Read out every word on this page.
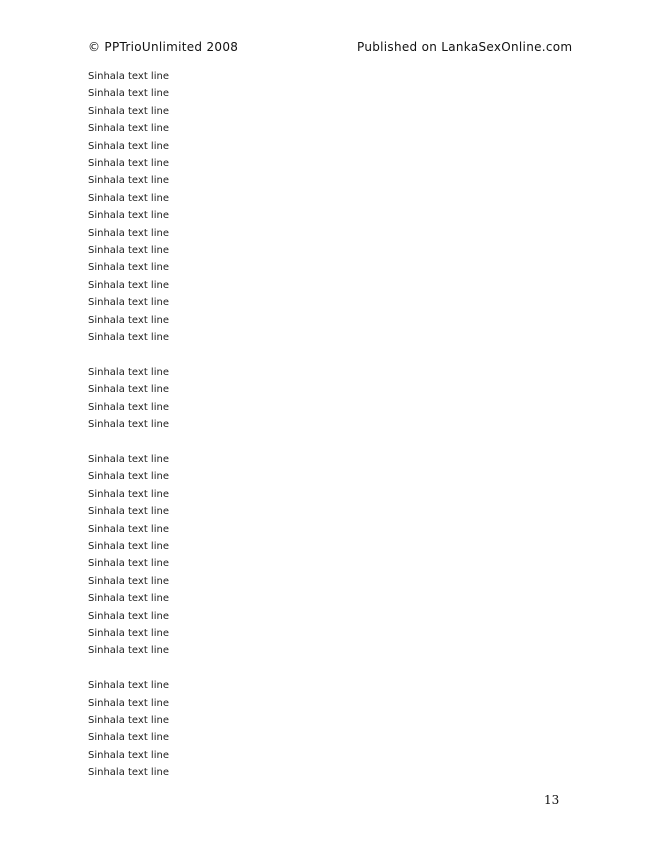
© PPTrioUnlimited 2008	Published on LankaSexOnline.com
Sinhala text line
Sinhala text line
Sinhala text line
Sinhala text line
Sinhala text line
Sinhala text line
Sinhala text line
Sinhala text line
Sinhala text line
Sinhala text line
Sinhala text line
Sinhala text line
Sinhala text line
Sinhala text line
Sinhala text line
Sinhala text line
Sinhala text line
Sinhala text line
Sinhala text line
Sinhala text line
Sinhala text line
Sinhala text line
Sinhala text line
Sinhala text line
Sinhala text line
Sinhala text line
Sinhala text line
Sinhala text line
Sinhala text line
Sinhala text line
Sinhala text line
Sinhala text line
Sinhala text line
Sinhala text line
Sinhala text line
Sinhala text line
Sinhala text line
Sinhala text line
13
